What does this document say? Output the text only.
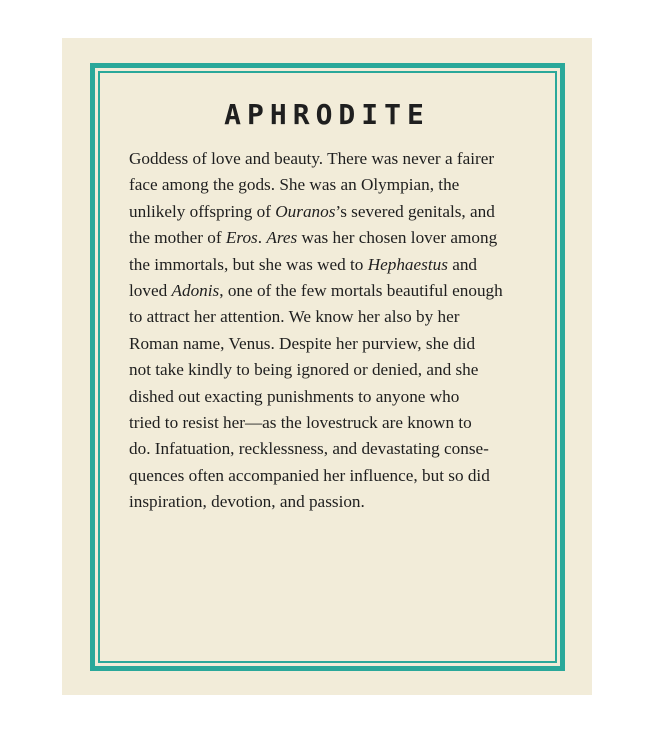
APHRODITE

Goddess of love and beauty. There was never a fairer
face among the gods. She was an Olympian, the
unlikely offspring of Ouranos’s severed genitals, and
the mother of Eros. Ares was her chosen lover among
the immortals, but she was wed to Hephaestus and
loved Adonis, one of the few mortals beautiful enough
to attract her attention. We know her also by her
Roman name, Venus. Despite her purview, she did
not take kindly to being ignored or denied, and she
dished out exacting punishments to anyone who
tried to resist her—as the lovestruck are known to
do. Infatuation, recklessness, and devastating conse-
quences often accompanied her influence, but so did
inspiration, devotion, and passion.
